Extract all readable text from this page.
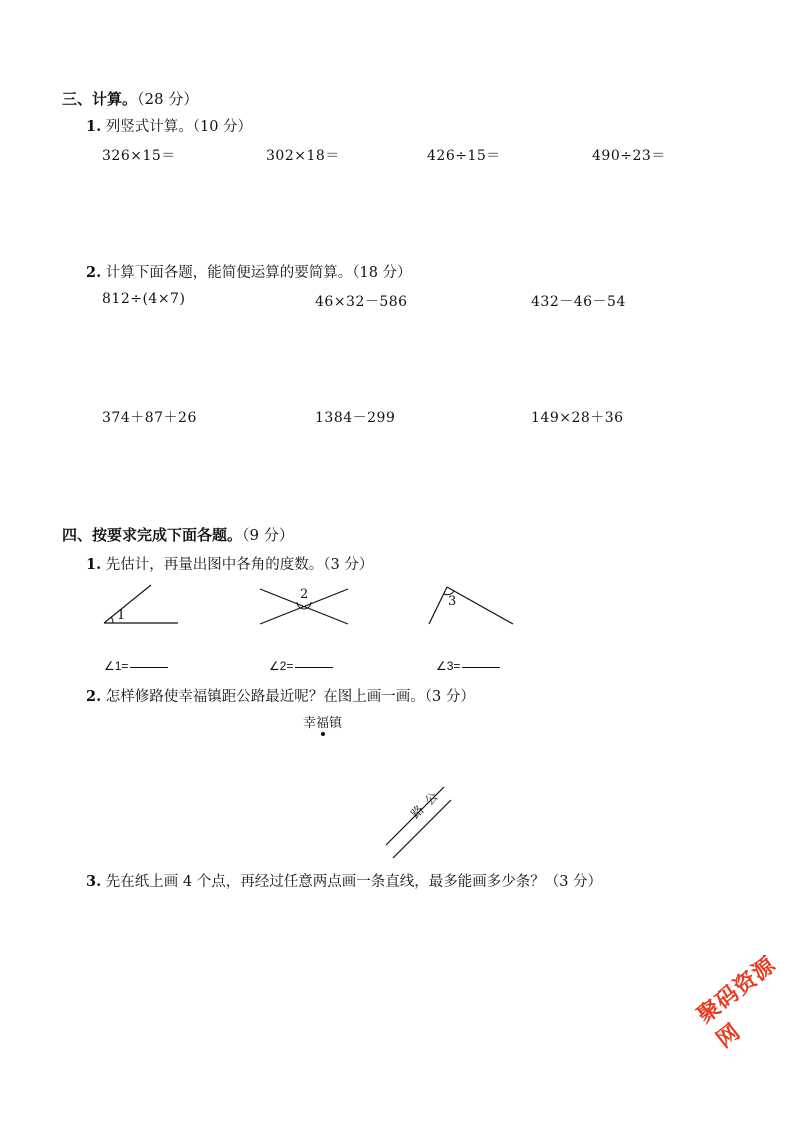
三、计算。（28 分）
1. 列竖式计算。（10 分）
326×15＝	302×18＝	426÷15＝	490÷23＝
2. 计算下面各题，能简便运算的要简算。（18 分）
812÷(4×7)	46×32－586	432－46－54
374＋87＋26	1384－299	149×28＋36
四、按要求完成下面各题。（9 分）
1. 先估计，再量出图中各角的度数。（3 分）
1
2	3
∠1=	∠2=	∠3=
2. 怎样修路使幸福镇距公路最近呢？在图上画一画。（3 分）
幸福镇
公
路
3. 先在纸上画 4 个点，再经过任意两点画一条直线，最多能画多少条？（3 分）
聚码资源网
